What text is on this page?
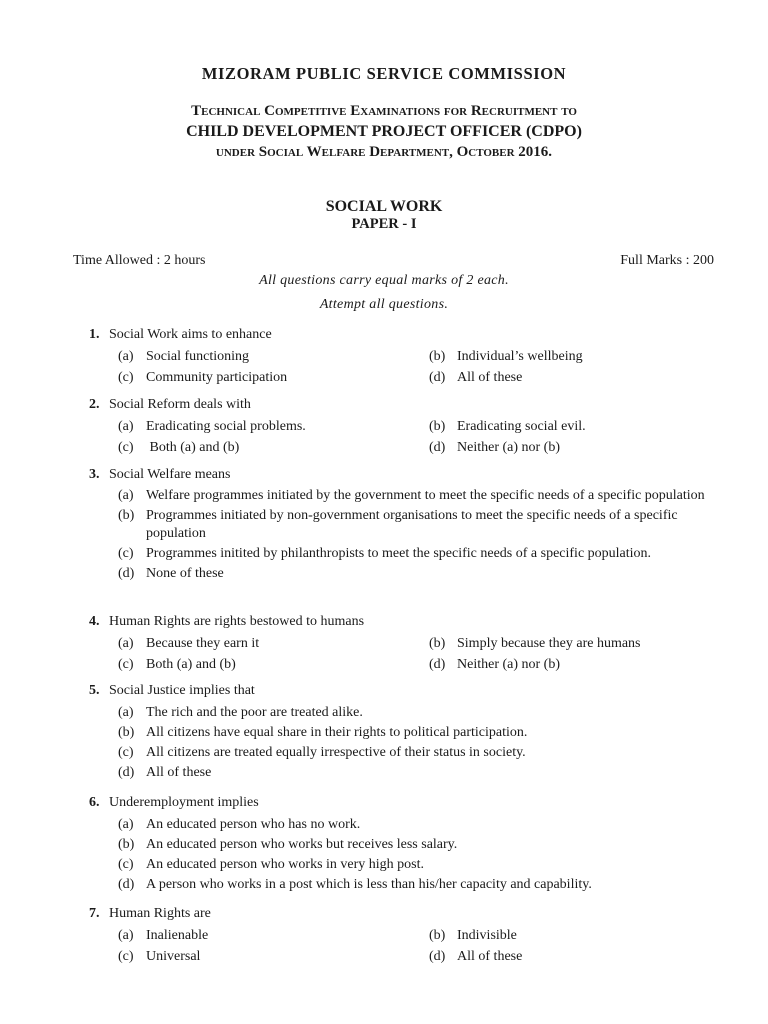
MIZORAM PUBLIC SERVICE COMMISSION

Technical Competitive Examinations for Recruitment to

CHILD DEVELOPMENT PROJECT OFFICER (CDPO)

under Social Welfare Department, October 2016.

SOCIAL WORK

PAPER - I

Time Allowed : 2 hours	Full Marks : 200
All questions carry equal marks of 2 each.
Attempt all questions.
1. Social Work aims to enhance
(a) Social functioning	(b) Individual’s wellbeing
(c) Community participation	(d) All of these
2. Social Reform deals with
(a) Eradicating social problems.	(b) Eradicating social evil.
(c) Both (a) and (b)	(d) Neither (a) nor (b)
3. Social Welfare means
(a) Welfare programmes initiated by the government to meet the specific needs of a specific population
(b) Programmes initiated by non-government organisations to meet the specific needs of a specific population
(c) Programmes initited by philanthropists to meet the specific needs of a specific population.
(d) None of these
4. Human Rights are rights bestowed to humans
(a) Because they earn it	(b) Simply because they are humans
(c) Both (a) and (b)	(d) Neither (a) nor (b)
5. Social Justice implies that
(a) The rich and the poor are treated alike.
(b) All citizens have equal share in their rights to political participation.
(c) All citizens are treated equally irrespective of their status in society.
(d) All of these
6. Underemployment implies
(a) An educated person who has no work.
(b) An educated person who works but receives less salary.
(c) An educated person who works in very high post.
(d) A person who works in a post which is less than his/her capacity and capability.
7. Human Rights are
(a) Inalienable	(b) Indivisible
(c) Universal	(d) All of these
